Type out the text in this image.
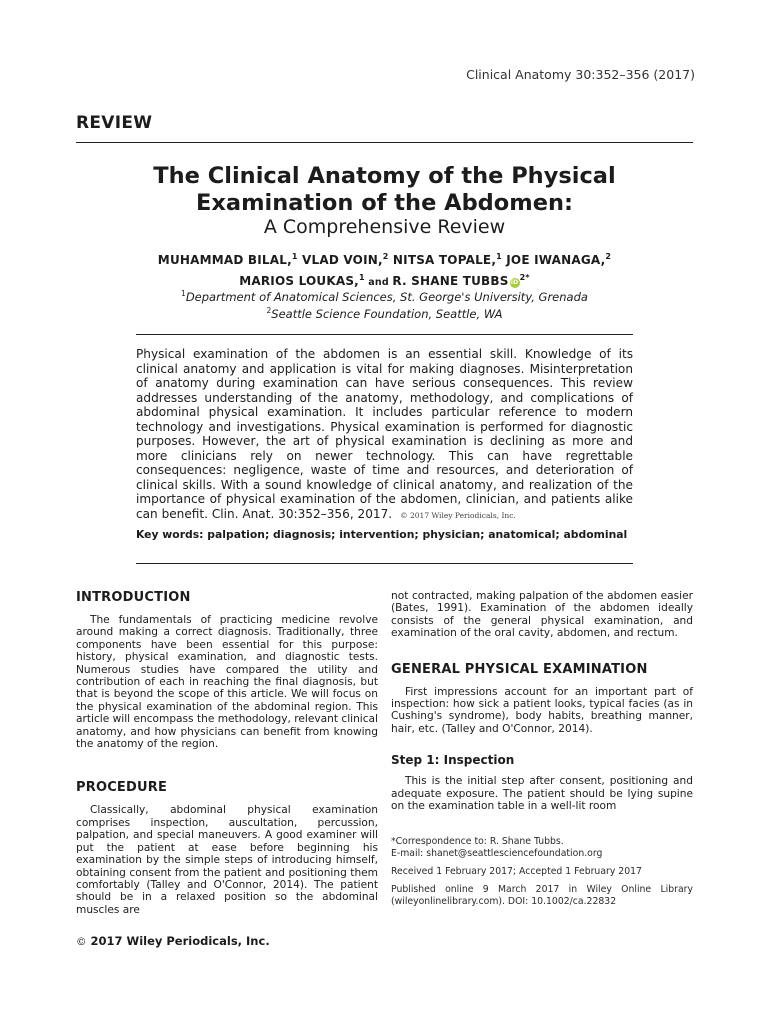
Clinical Anatomy 30:352–356 (2017)
REVIEW
The Clinical Anatomy of the Physical
Examination of the Abdomen:
A Comprehensive Review
MUHAMMAD BILAL,$^1$ VLAD VOIN,$^2$ NITSA TOPALE,$^1$ JOE IWANAGA,$^2$
MARIOS LOUKAS,$^1$ and R. SHANE TUBBS $iD^{2*}$
$^1$Department of Anatomical Sciences, St. George's University, Grenada
$^2$Seattle Science Foundation, Seattle, WA
Physical examination of the abdomen is an essential skill. Knowledge of its clinical anatomy and application is vital for making diagnoses. Misinterpretation of anatomy during examination can have serious consequences. This review addresses understanding of the anatomy, methodology, and complications of abdominal physical examination. It includes particular reference to modern technology and investigations. Physical examination is performed for diagnostic purposes. However, the art of physical examination is declining as more and more clinicians rely on newer technology. This can have regrettable consequences: negligence, waste of time and resources, and deterioration of clinical skills. With a sound knowledge of clinical anatomy, and realization of the importance of physical examination of the abdomen, clinician, and patients alike can benefit. Clin. Anat. 30:352–356, 2017. © 2017 Wiley Periodicals, Inc.
Key words: palpation; diagnosis; intervention; physician; anatomical; abdominal
INTRODUCTION

The fundamentals of practicing medicine revolve around making a correct diagnosis. Traditionally, three components have been essential for this purpose: history, physical examination, and diagnostic tests. Numerous studies have compared the utility and contribution of each in reaching the final diagnosis, but that is beyond the scope of this article. We will focus on the physical examination of the abdominal region. This article will encompass the methodology, relevant clinical anatomy, and how physicians can benefit from knowing the anatomy of the region.

PROCEDURE

Classically, abdominal physical examination comprises inspection, auscultation, percussion, palpation, and special maneuvers. A good examiner will put the patient at ease before beginning his examination by the simple steps of introducing himself, obtaining consent from the patient and positioning them comfortably (Talley and O'Connor, 2014). The patient should be in a relaxed position so the abdominal muscles are

not contracted, making palpation of the abdomen easier (Bates, 1991). Examination of the abdomen ideally consists of the general physical examination, and examination of the oral cavity, abdomen, and rectum.

GENERAL PHYSICAL EXAMINATION

First impressions account for an important part of inspection: how sick a patient looks, typical facies (as in Cushing's syndrome), body habits, breathing manner, hair, etc. (Talley and O'Connor, 2014).

Step 1: Inspection

This is the initial step after consent, positioning and adequate exposure. The patient should be lying supine on the examination table in a well-lit room

*Correspondence to: R. Shane Tubbs.
E-mail: shanet@seattlesciencefoundation.org
Received 1 February 2017; Accepted 1 February 2017
Published online 9 March 2017 in Wiley Online Library (wileyonlinelibrary.com). DOI: 10.1002/ca.22832
© 2017 Wiley Periodicals, Inc.
